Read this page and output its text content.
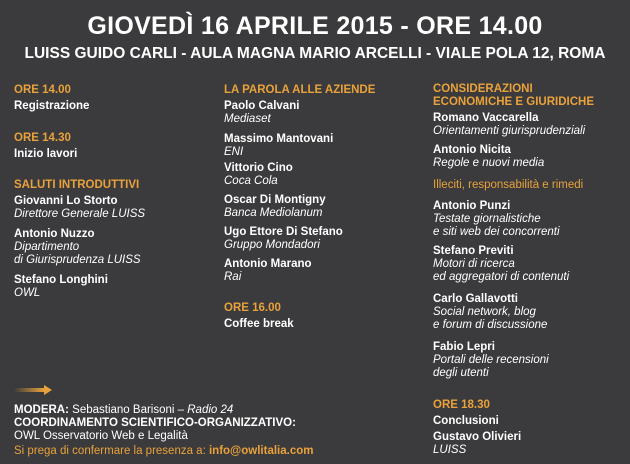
GIOVEDÌ 16 APRILE 2015 - ORE 14.00
LUISS GUIDO CARLI - AULA MAGNA MARIO ARCELLI - VIALE POLA 12, ROMA
ORE 14.00
Registrazione
ORE 14.30
Inizio lavori
SALUTI INTRODUTTIVI
Giovanni Lo Storto
Direttore Generale LUISS
Antonio Nuzzo
Dipartimento
di Giurisprudenza LUISS
Stefano Longhini
OWL
LA PAROLA ALLE AZIENDE
Paolo Calvani
Mediaset
Massimo Mantovani
ENI
Vittorio Cino
Coca Cola
Oscar Di Montigny
Banca Mediolanum
Ugo Ettore Di Stefano
Gruppo Mondadori
Antonio Marano
Rai
ORE 16.00
Coffee break
CONSIDERAZIONI
ECONOMICHE E GIURIDICHE
Romano Vaccarella
Orientamenti giurisprudenziali
Antonio Nicita
Regole e nuovi media
Illeciti, responsabilità e rimedi
Antonio Punzi
Testate giornalistiche
e siti web dei concorrenti
Stefano Previti
Motori di ricerca
ed aggregatori di contenuti
Carlo Gallavotti
Social network, blog
e forum di discussione
Fabio Lepri
Portali delle recensioni
degli utenti
ORE 18.30
Conclusioni
Gustavo Olivieri
LUISS
MODERA: Sebastiano Barisoni – Radio 24
COORDINAMENTO SCIENTIFICO-ORGANIZZATIVO:
OWL Osservatorio Web e Legalità
Si prega di confermare la presenza a: info@owlitalia.com
